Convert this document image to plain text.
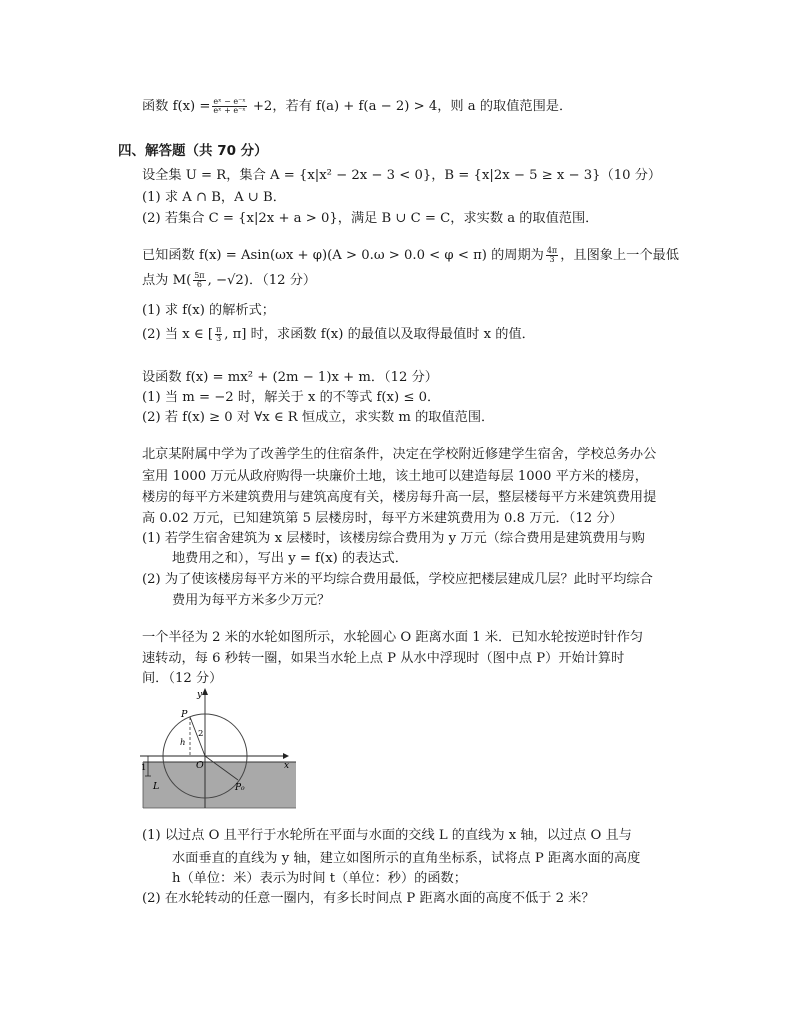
函数 $f(x) = \frac{\text{eˣ − e⁻ˣ}}{\text{eˣ + e⁻ˣ}} +2$，若有 f(a) + f(a − 2) > 4，则 a 的取值范围是．
四、解答题（共 70 分）
设全集 U = R，集合 A = {x|x² − 2x − 3 < 0}，B = {x|2x − 5 ≥ x − 3}（10 分）
(1) 求 A ∩ B，A ∪ B．
(2) 若集合 C = {x|2x + a > 0}，满足 B ∪ C = C，求实数 a 的取值范围．
已知函数 f(x) = Asin(ωx + φ)(A > 0.ω > 0.0 < φ < π) 的周期为 $\frac{4\pi}{3}$ ，且图象上一个最低
点为 $M( \frac{5\pi}{6}$ , −√2)．（12 分）
(1) 求 f(x) 的解析式；
(2) 当 x ∈ [ $\frac{\pi}{3}$ , π] 时，求函数 f(x) 的最值以及取得最值时 x 的值．
设函数 f(x) = mx² + (2m − 1)x + m．（12 分）
(1) 当 m = −2 时，解关于 x 的不等式 f(x) ≤ 0．
(2) 若 f(x) ≥ 0 对 ∀x ∈ R 恒成立，求实数 m 的取值范围．
北京某附属中学为了改善学生的住宿条件，决定在学校附近修建学生宿舍，学校总务办公
室用 1000 万元从政府购得一块廉价土地，该土地可以建造每层 1000 平方米的楼房，
楼房的每平方米建筑费用与建筑高度有关，楼房每升高一层，整层楼每平方米建筑费用提
高 0.02 万元，已知建筑第 5 层楼房时，每平方米建筑费用为 0.8 万元．（12 分）
(1) 若学生宿舍建筑为 x 层楼时，该楼房综合费用为 y 万元（综合费用是建筑费用与购
地费用之和），写出 y = f(x) 的表达式．
(2) 为了使该楼房每平方米的平均综合费用最低，学校应把楼层建成几层？此时平均综合
费用为每平方米多少万元？
一个半径为 2 米的水轮如图所示，水轮圆心 O 距离水面 1 米．已知水轮按逆时针作匀
速转动，每 6 秒转一圈，如果当水轮上点 P 从水中浮现时（图中点 P）开始计算时
间．（12 分）
y
x
P
2
h
O
1
L	P₀
(1) 以过点 O 且平行于水轮所在平面与水面的交线 L 的直线为 x 轴，以过点 O 且与
水面垂直的直线为 y 轴，建立如图所示的直角坐标系，试将点 P 距离水面的高度
h（单位：米）表示为时间 t（单位：秒）的函数；
(2) 在水轮转动的任意一圈内，有多长时间点 P 距离水面的高度不低于 2 米？
